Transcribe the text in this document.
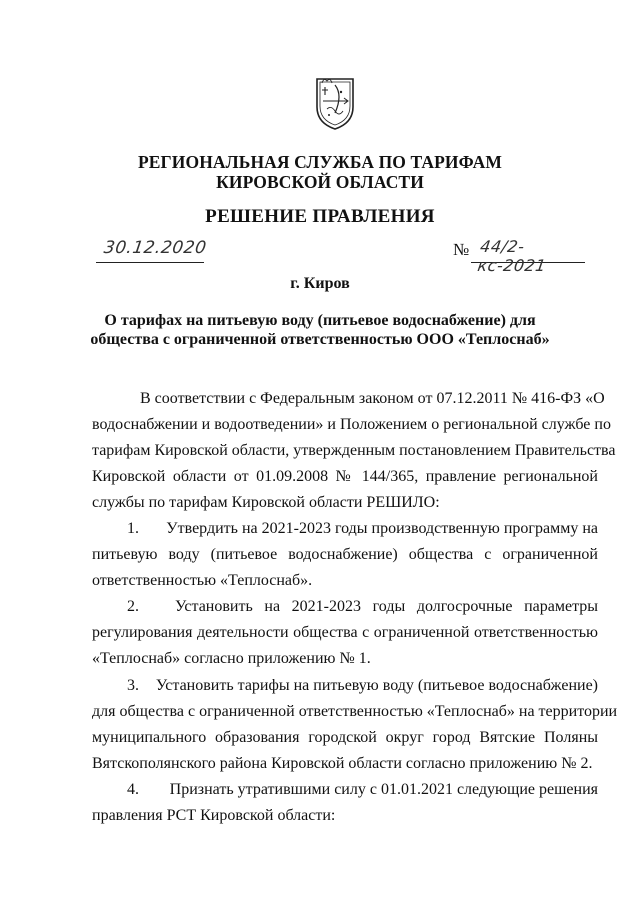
РЕГИОНАЛЬНАЯ СЛУЖБА ПО ТАРИФАМ
КИРОВСКОЙ ОБЛАСТИ
РЕШЕНИЕ ПРАВЛЕНИЯ
30.12.2020	№ 44/2-кс-2021
г. Киров
О тарифах на питьевую воду (питьевое водоснабжение) для
общества с ограниченной ответственностью ООО «Теплоснаб»
В соответствии с Федеральным законом от 07.12.2011 № 416-ФЗ «О
водоснабжении и водоотведении» и Положением о региональной службе по
тарифам Кировской области, утвержденным постановлением Правительства
Кировской области от 01.09.2008 № 144/365, правление региональной
службы по тарифам Кировской области РЕШИЛО:
1.	Утвердить на 2021-2023 годы производственную программу на
питьевую воду (питьевое водоснабжение) общества с ограниченной
ответственностью «Теплоснаб».
2.	Установить на 2021-2023 годы долгосрочные параметры
регулирования деятельности общества с ограниченной ответственностью
«Теплоснаб» согласно приложению № 1.
3.	Установить тарифы на питьевую воду (питьевое водоснабжение)
для общества с ограниченной ответственностью «Теплоснаб» на территории
муниципального образования городской округ город Вятские Поляны
Вятскополянского района Кировской области согласно приложению № 2.
4.	Признать утратившими силу с 01.01.2021 следующие решения
правления РСТ Кировской области:
